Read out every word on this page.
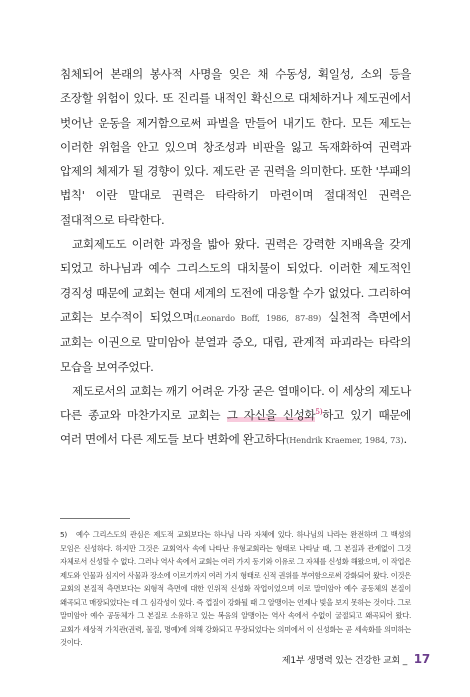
침체되어 본래의 봉사적 사명을 잊은 채 수동성, 획일성, 소외 등을 조장할 위험이 있다. 또 진리를 내적인 확신으로 대체하거나 제도권에서 벗어난 운동을 제거함으로써 파벌을 만들어 내기도 한다. 모든 제도는 이러한 위험을 안고 있으며 창조성과 비판을 잃고 독재화하여 권력과 압제의 체제가 될 경향이 있다. 제도란 곧 권력을 의미한다. 또한 '부패의 법칙' 이란 말대로 권력은 타락하기 마련이며 절대적인 권력은 절대적으로 타락한다.

교회제도도 이러한 과정을 밟아 왔다. 권력은 강력한 지배욕을 갖게 되었고 하나님과 예수 그리스도의 대치물이 되었다. 이러한 제도적인 경직성 때문에 교회는 현대 세계의 도전에 대응할 수가 없었다. 그리하여 교회는 보수적이 되었으며(Leonardo Boff, 1986, 87-89) 실천적 측면에서 교회는 이권으로 말미암아 분열과 증오, 대립, 관계적 파괴라는 타락의 모습을 보여주었다.

제도로서의 교회는 깨기 어려운 가장 굳은 열매이다. 이 세상의 제도나 다른 종교와 마찬가지로 교회는 그 자신을 신성화$^{5)}$하고 있기 때문에 여러 면에서 다른 제도들 보다 변화에 완고하다(Hendrik Kraemer, 1984, 73).

5) 예수 그리스도의 관심은 제도적 교회보다는 하나님 나라 자체에 있다. 하나님의 나라는 완전하며 그 백성의 모임은 신성하다. 하지만 그것은 교회역사 속에 나타난 유형교회라는 형태로 나타날 때, 그 본질과 관계없이 그것 자체로서 신성할 수 없다. 그러나 역사 속에서 교회는 여러 가지 동기와 이유로 그 자체를 신성화 해왔으며, 이 작업은 제도와 인물과 심지어 사물과 장소에 이르기까지 여러 가지 형태로 신적 권위를 부여함으로써 강화되어 왔다. 이것은 교회의 본질적 측면보다는 외형적 측면에 대한 인위적 신성화 작업이었으며 이로 말미암아 예수 공동체의 본질이 왜곡되고 매장되었다는 데 그 심각성이 있다. 즉 껍질이 강화될 때 그 알맹이는 언제나 빛을 보지 못하는 것이다. 그로 말미암아 예수 공동체가 그 본질로 소유하고 있는 복음의 알맹이는 역사 속에서 수없이 굴절되고 왜곡되어 왔다. 교회가 세상적 가치관(권력, 물질, 명예)에 의해 강화되고 무장되었다는 의미에서 이 신성화는 곧 세속화를 의미하는 것이다.
제1부 생명력 있는 건강한 교회 _ 17
